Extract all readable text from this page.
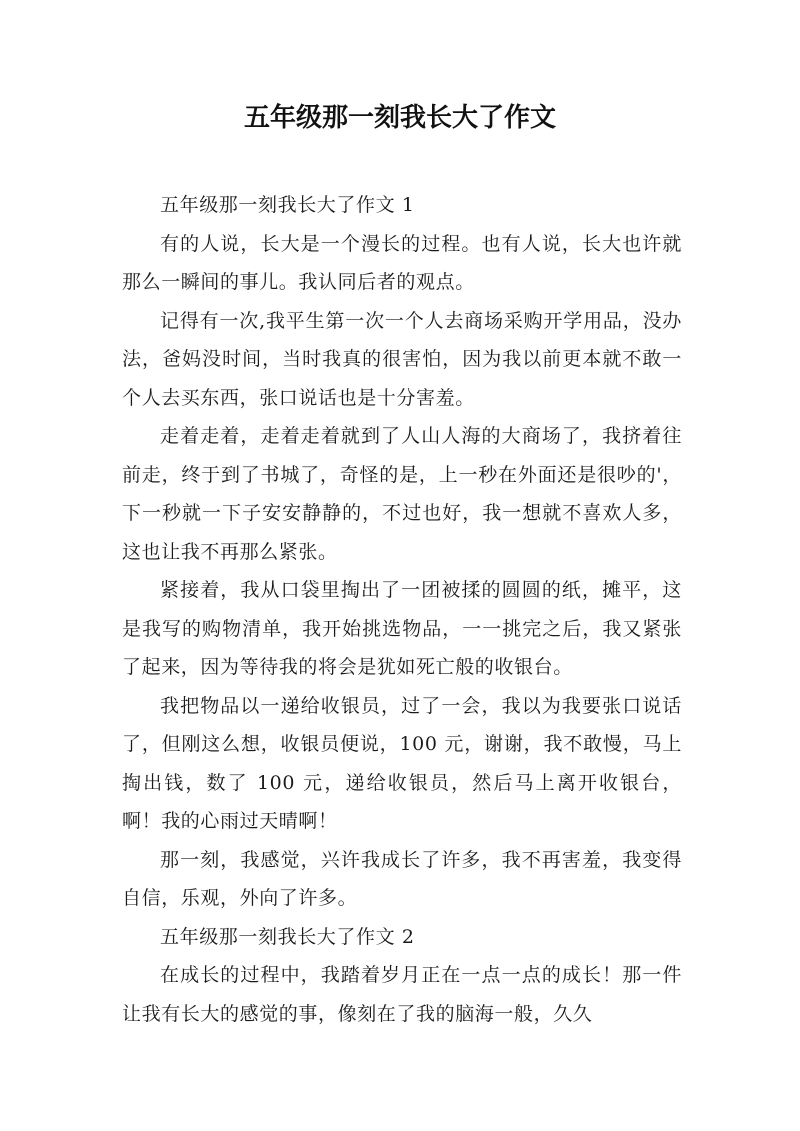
五年级那一刻我长大了作文

五年级那一刻我长大了作文 1

有的人说，长大是一个漫长的过程。也有人说，长大也许就那么一瞬间的事儿。我认同后者的观点。

记得有一次,我平生第一次一个人去商场采购开学用品，没办法，爸妈没时间，当时我真的很害怕，因为我以前更本就不敢一个人去买东西，张口说话也是十分害羞。

走着走着，走着走着就到了人山人海的大商场了，我挤着往前走，终于到了书城了，奇怪的是，上一秒在外面还是很吵的'，下一秒就一下子安安静静的，不过也好，我一想就不喜欢人多，这也让我不再那么紧张。

紧接着，我从口袋里掏出了一团被揉的圆圆的纸，摊平，这是我写的购物清单，我开始挑选物品，一一挑完之后，我又紧张了起来，因为等待我的将会是犹如死亡般的收银台。

我把物品以一递给收银员，过了一会，我以为我要张口说话了，但刚这么想，收银员便说，100 元，谢谢，我不敢慢，马上掏出钱，数了 100 元，递给收银员，然后马上离开收银台，啊！我的心雨过天晴啊！

那一刻，我感觉，兴许我成长了许多，我不再害羞，我变得自信，乐观，外向了许多。

五年级那一刻我长大了作文 2

在成长的过程中，我踏着岁月正在一点一点的成长！那一件让我有长大的感觉的事，像刻在了我的脑海一般，久久
